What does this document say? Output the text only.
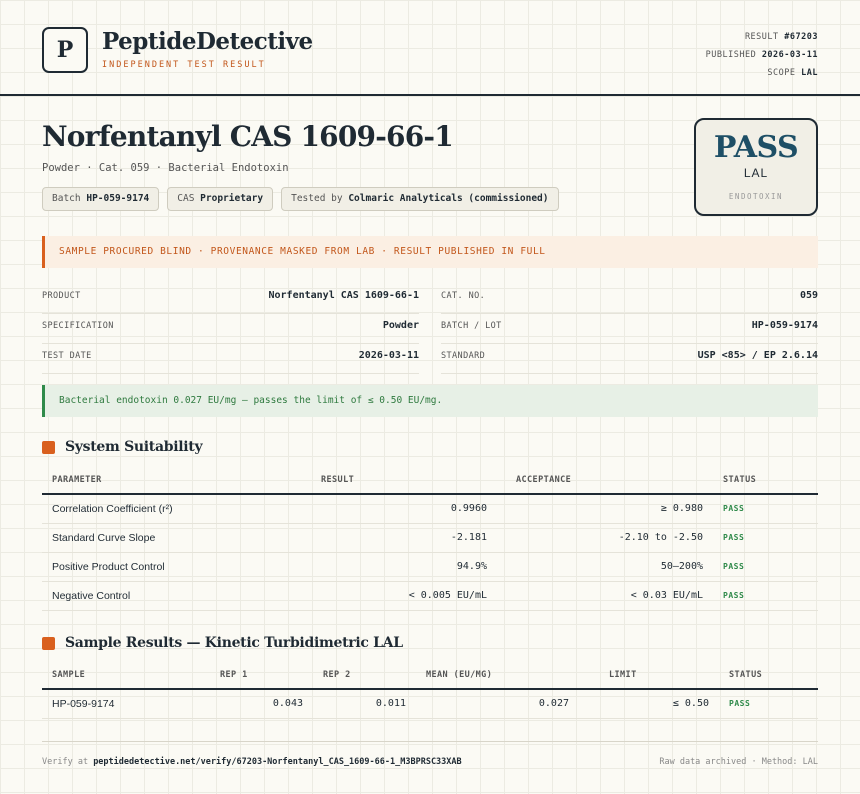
P	PeptideDetective
INDEPENDENT TEST RESULT
RESULT #67203
PUBLISHED 2026-03-11
SCOPE LAL
Norfentanyl CAS 1609-66-1
Powder · Cat. 059 · Bacterial Endotoxin
Batch HP-059-9174	CAS Proprietary	Tested by Colmaric Analyticals (commissioned)
PASS
LAL
ENDOTOXIN
SAMPLE PROCURED BLIND · PROVENANCE MASKED FROM LAB · RESULT PUBLISHED IN FULL
PRODUCT	Norfentanyl CAS 1609-66-1
SPECIFICATION	Powder
TEST DATE	2026-03-11
CAT. NO.	059
BATCH / LOT	HP-059-9174
STANDARD	USP <85> / EP 2.6.14
Bacterial endotoxin 0.027 EU/mg — passes the limit of ≤ 0.50 EU/mg.
System Suitability
PARAMETER	RESULT	ACCEPTANCE	STATUS
Correlation Coefficient (r²)	0.9960	≥ 0.980	PASS
Standard Curve Slope	-2.181	-2.10 to -2.50	PASS
Positive Product Control	94.9%	50–200%	PASS
Negative Control	< 0.005 EU/mL	< 0.03 EU/mL	PASS
Sample Results — Kinetic Turbidimetric LAL
SAMPLE	REP 1	REP 2	MEAN (EU/MG)	LIMIT	STATUS
HP-059-9174	0.043	0.011	0.027	≤ 0.50	PASS
Verify at peptidedetective.net/verify/67203-Norfentanyl_CAS_1609-66-1_M3BPRSC33XAB	Raw data archived · Method: LAL
